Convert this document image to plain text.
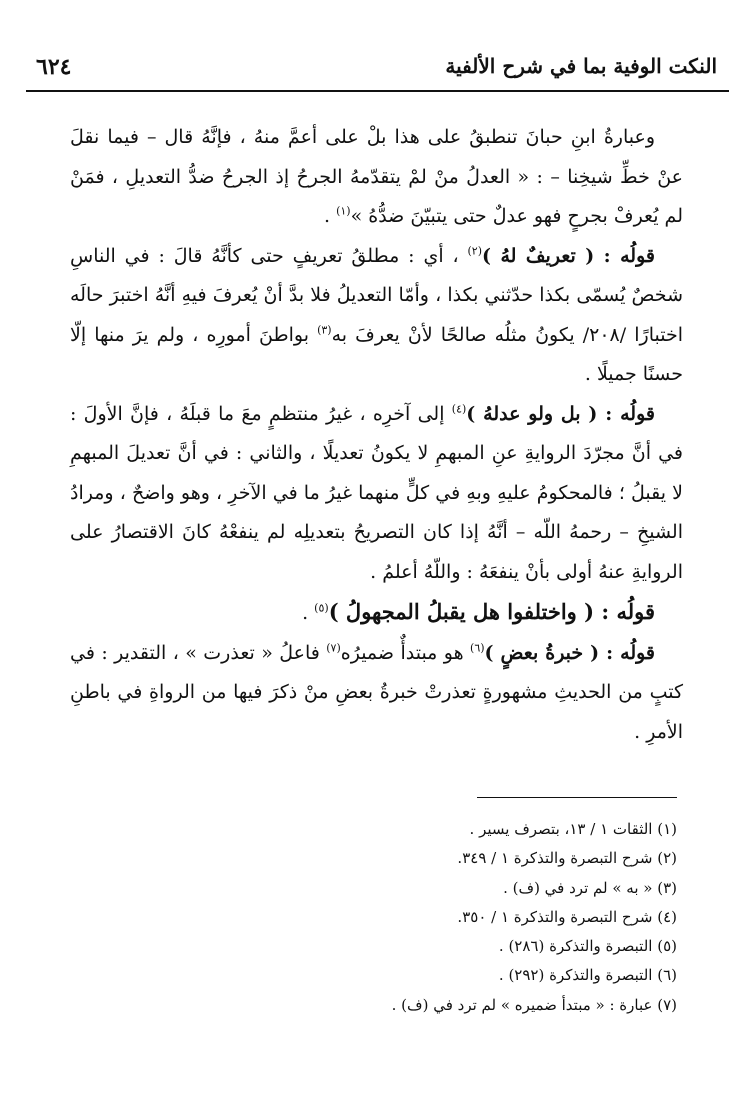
النكت الوفية بما في شرح الألفية
٦٢٤

وعبارةُ ابنِ حبانَ تنطبقُ على هذا بلْ على أعمَّ منهُ ، فإنَّهُ قال – فيما نقلَ عنْ خطِّ شيخِنا – : « العدلُ منْ لمْ يتقدّمهُ الجرحُ إذ الجرحُ ضدُّ التعديلِ ، فمَنْ لم يُعرفْ بجرحٍ فهو عدلٌ حتى يتبيّنَ ضدُّهُ »$^{(١)}$ .

قولُه : ( تعريفٌ لهُ )$^{(٢)}$ ، أي : مطلقُ تعريفٍ حتى كأنَّهُ قالَ : في الناسِ شخصٌ يُسمّى بكذا حدّثني بكذا ، وأمّا التعديلُ فلا بدَّ أنْ يُعرفَ فيهِ أنَّهُ اختبرَ حالَه اختبارًا /٢٠٨/ يكونُ مثلُه صالحًا لأنْ يعرفَ به$^{(٣)}$ بواطنَ أمورِه ، ولم يرَ منها إلّا حسنًا جميلًا .

قولُه : ( بل ولو عدلهُ )$^{(٤)}$ إلى آخرِه ، غيرُ منتظمٍ معَ ما قبلَهُ ، فإنَّ الأولَ : في أنَّ مجرّدَ الروايةِ عنِ المبهمِ لا يكونُ تعديلًا ، والثاني : في أنَّ تعديلَ المبهمِ لا يقبلُ ؛ فالمحكومُ عليهِ وبهِ في كلٍّ منهما غيرُ ما في الآخرِ ، وهو واضحٌ ، ومرادُ الشيخِ – رحمهُ اللّه – أنَّهُ إذا كان التصريحُ بتعديلِه لم ينفعْهُ كانَ الاقتصارُ على الروايةِ عنهُ أولى بأنْ ينفعَهُ : واللّهُ أعلمُ .

قولُه : ( واختلفوا هل يقبلُ المجهولُ )$^{(٥)}$ .

قولُه : ( خبرةُ بعضٍ )$^{(٦)}$ هو مبتدأٌ ضميرُه$^{(٧)}$ فاعلُ « تعذرت » ، التقدير : في كتبٍ من الحديثِ مشهورةٍ تعذرتْ خبرةُ بعضِ منْ ذكرَ فيها من الرواةِ في باطنِ الأمرِ .

(١) الثقات ١ / ١٣، بتصرف يسير .
(٢) شرح التبصرة والتذكرة ١ / ٣٤٩.
(٣) « به » لم ترد في (ف) .
(٤) شرح التبصرة والتذكرة ١ / ٣٥٠.
(٥) التبصرة والتذكرة (٢٨٦) .
(٦) التبصرة والتذكرة (٢٩٢) .
(٧) عبارة : « مبتدأ ضميره » لم ترد في (ف) .
